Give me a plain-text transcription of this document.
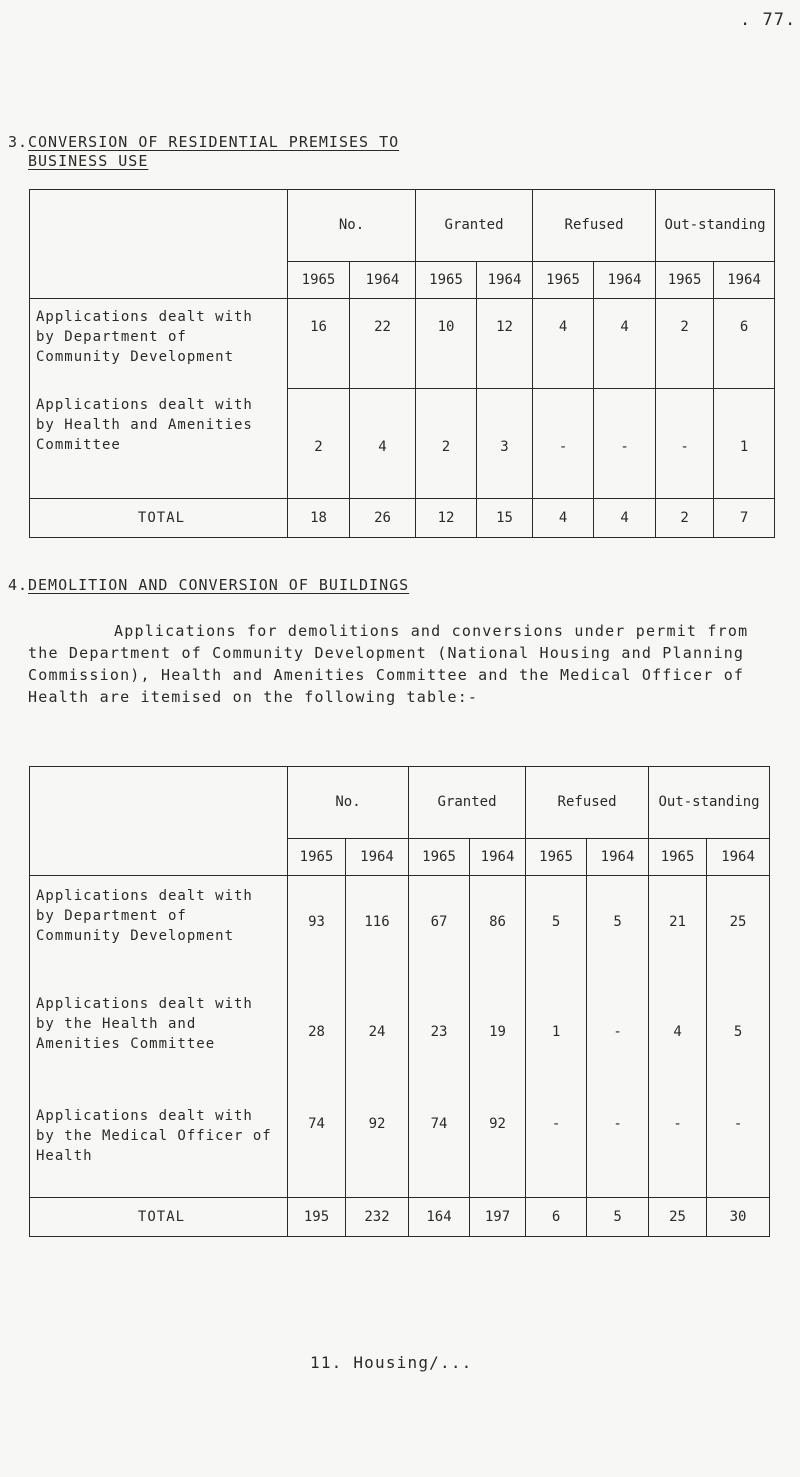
. 77.
3.CONVERSION OF RESIDENTIAL PREMISES TO
BUSINESS USE
	No.		Granted		Refused		Out-standing	
	1965	1964	1965	1964	1965	1964	1965	1964
Applications dealt with by Department of Community Development	16	22	10	12	4	4	2	6
Applications dealt with by Health and Amenities Committee	2	4	2	3	-	-	-	1
TOTAL	18	26	12	15	4	4	2	7
4.DEMOLITION AND CONVERSION OF BUILDINGS
Applications for demolitions and conversions under permit from the Department of Community Development (National Housing and Planning Commission), Health and Amenities Committee and the Medical Officer of Health are itemised on the following table:-
	No.		Granted		Refused		Out-standing	
	1965	1964	1965	1964	1965	1964	1965	1964
Applications dealt with by Department of Community Development	93	116	67	86	5	5	21	25
Applications dealt with by the Health and Amenities Committee	28	24	23	19	1	-	4	5
Applications dealt with by the Medical Officer of Health	74	92	74	92	-	-	-	-
TOTAL	195	232	164	197	6	5	25	30
11. Housing/...
